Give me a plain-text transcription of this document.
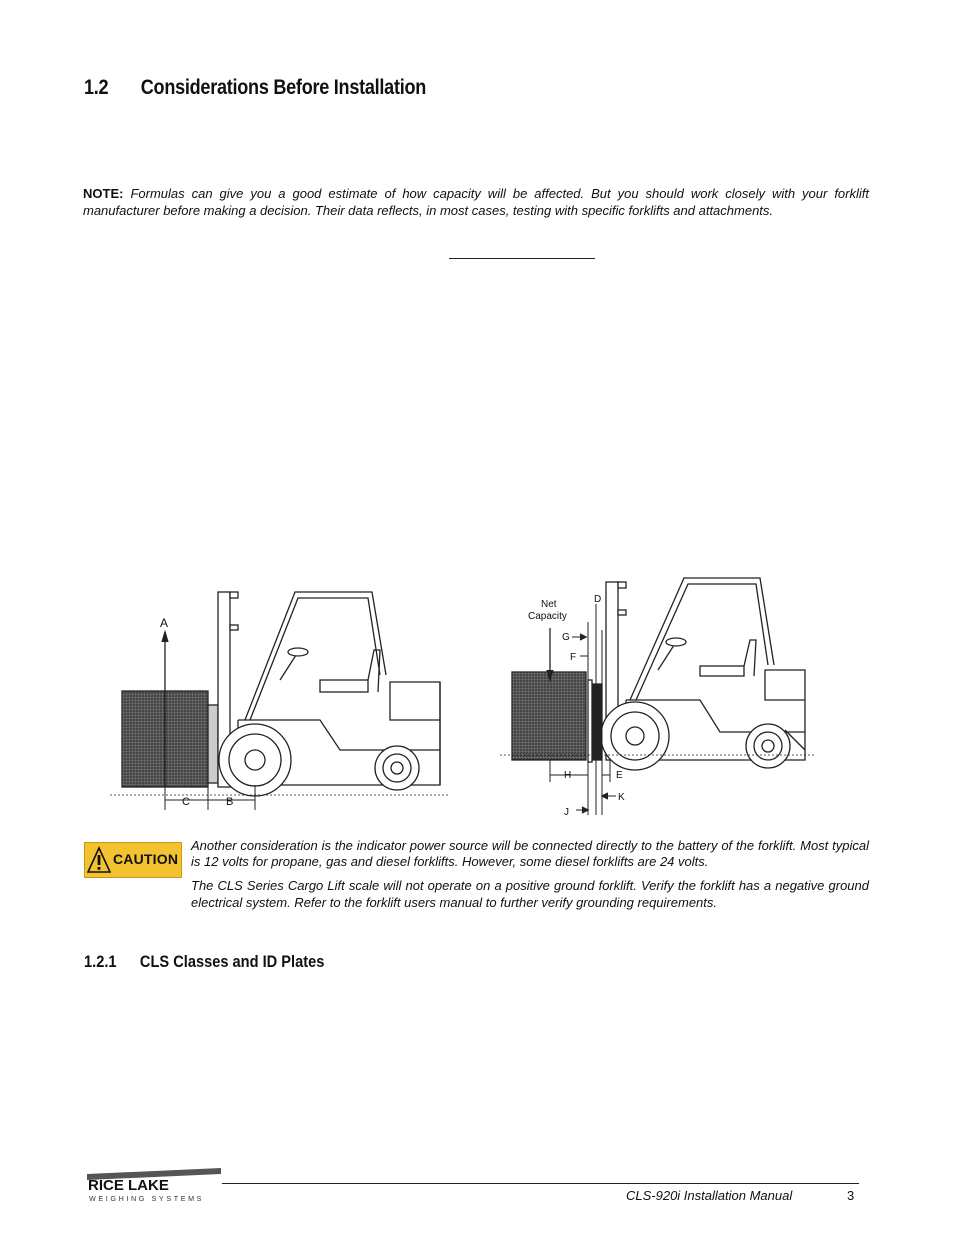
1.2 Considerations Before Installation
NOTE: Formulas can give you a good estimate of how capacity will be affected. But you should work closely with your forklift manufacturer before making a decision. Their data reflects, in most cases, testing with specific forklifts and attachments.
A
B
C
Net
Capacity
D
E
F
G
H
J
K
CAUTION

Another consideration is the indicator power source will be connected directly to the battery of the forklift. Most typical is 12 volts for propane, gas and diesel forklifts. However, some diesel forklifts are 24 volts.

The CLS Series Cargo Lift scale will not operate on a positive ground forklift. Verify the forklift has a negative ground electrical system. Refer to the forklift users manual to further verify grounding requirements.

1.2.1 CLS Classes and ID Plates
RICE LAKE
WEIGHING SYSTEMS	CLS-920i Installation Manual	3
